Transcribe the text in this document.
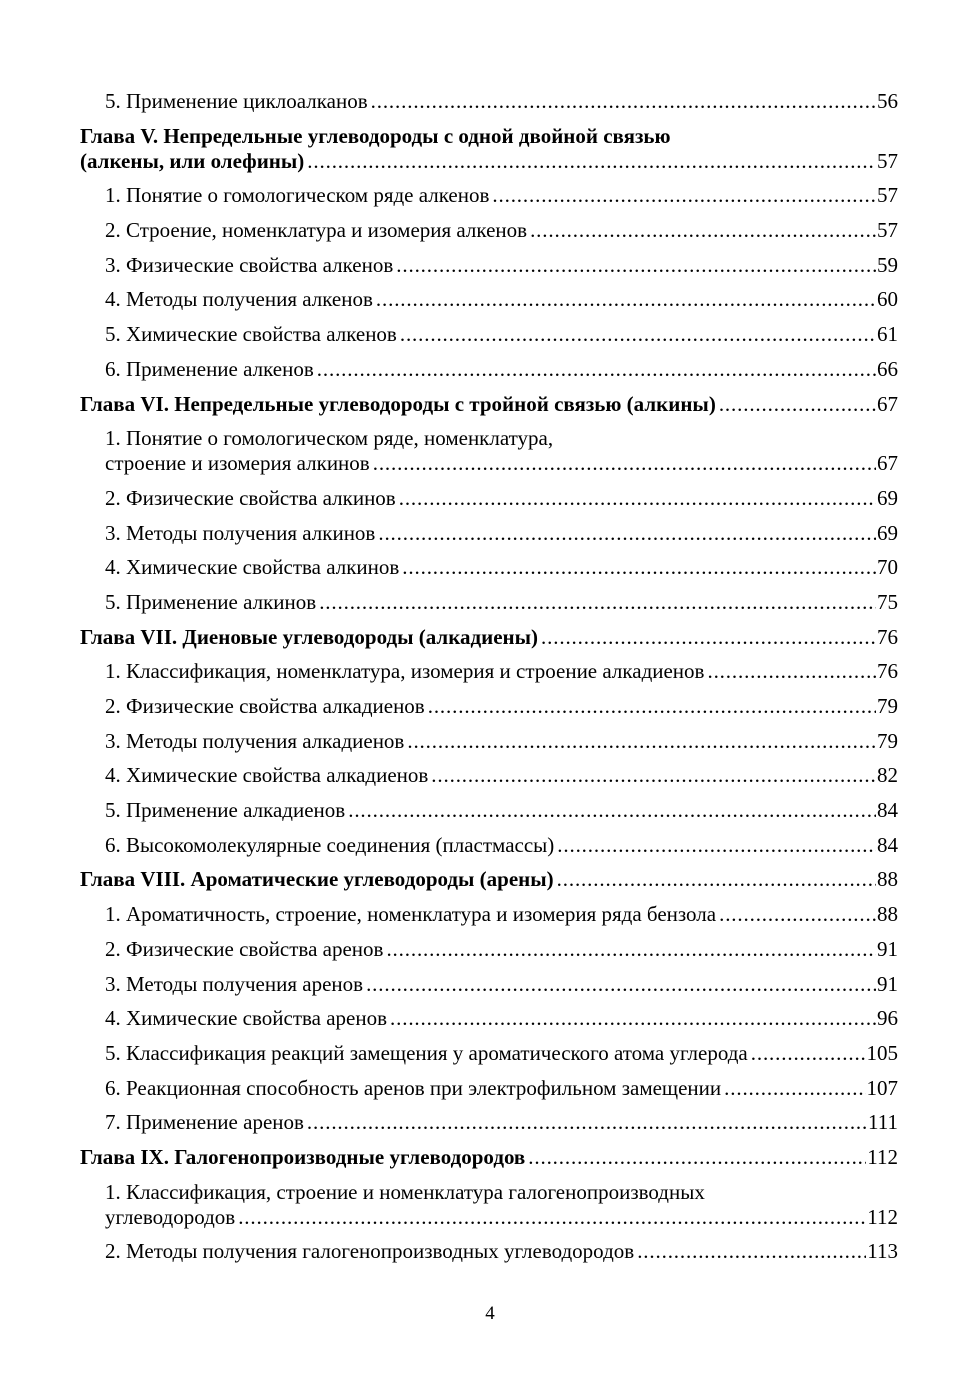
5. Применение циклоалканов . . .	56
Глава V. Непредельные углеводороды с одной двойной связью
(алкены, или олефины) . . .	57
1. Понятие о гомологическом ряде алкенов . . .	57
2. Строение, номенклатура и изомерия алкенов . . .	57
3. Физические свойства алкенов . . .	59
4. Методы получения алкенов . . .	60
5. Химические свойства алкенов . . .	61
6. Применение алкенов . . .	66
Глава VI. Непредельные углеводороды с тройной связью (алкины) . . .	67
1. Понятие о гомологическом ряде, номенклатура,
строение и изомерия алкинов . . .	67
2. Физические свойства алкинов . . .	69
3. Методы получения алкинов . . .	69
4. Химические свойства алкинов . . .	70
5. Применение алкинов . . .	75
Глава VII. Диеновые углеводороды (алкадиены) . . .	76
1. Классификация, номенклатура, изомерия и строение алкадиенов . . .	76
2. Физические свойства алкадиенов . . .	79
3. Методы получения алкадиенов . . .	79
4. Химические свойства алкадиенов . . .	82
5. Применение алкадиенов . . .	84
6. Высокомолекулярные соединения (пластмассы) . . .	84
Глава VIII. Ароматические углеводороды (арены) . . .	88
1. Ароматичность, строение, номенклатура и изомерия ряда бензола . . .	88
2. Физические свойства аренов . . .	91
3. Методы получения аренов . . .	91
4. Химические свойства аренов . . .	96
5. Классификация реакций замещения у ароматического атома углерода . . .	105
6. Реакционная способность аренов при электрофильном замещении . . .	107
7. Применение аренов . . .	111
Глава IX. Галогенопроизводные углеводородов . . .	112
1. Классификация, строение и номенклатура галогенопроизводных
углеводородов . . .	112
2. Методы получения галогенопроизводных углеводородов . . .	113
4
